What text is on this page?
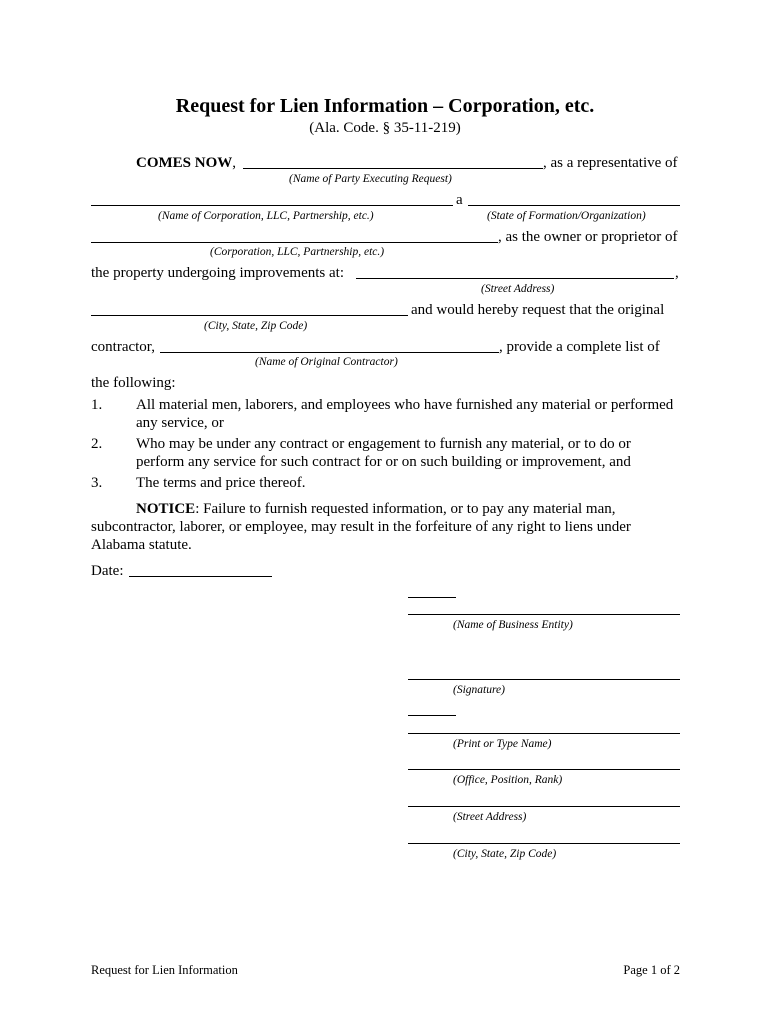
Request for Lien Information – Corporation, etc.
(Ala. Code. § 35-11-219)
COMES NOW,	, as a representative of
(Name of Party Executing Request)
a
(Name of Corporation, LLC, Partnership, etc.)	(State of Formation/Organization)
, as the owner or proprietor of
(Corporation, LLC, Partnership, etc.)
the property undergoing improvements at:	,
(Street Address)
and would hereby request that the original
(City, State, Zip Code)
contractor,	, provide a complete list of
(Name of Original Contractor)
the following:
1. All material men, laborers, and employees who have furnished any material or performed any service, or
2. Who may be under any contract or engagement to furnish any material, or to do or perform any service for such contract for or on such building or improvement, and
3. The terms and price thereof.
NOTICE: Failure to furnish requested information, or to pay any material man, subcontractor, laborer, or employee, may result in the forfeiture of any right to liens under Alabama statute.
Date:
(Name of Business Entity)
(Signature)
(Print or Type Name)
(Office, Position, Rank)
(Street Address)
(City, State, Zip Code)
Request for Lien Information	Page 1 of 2
